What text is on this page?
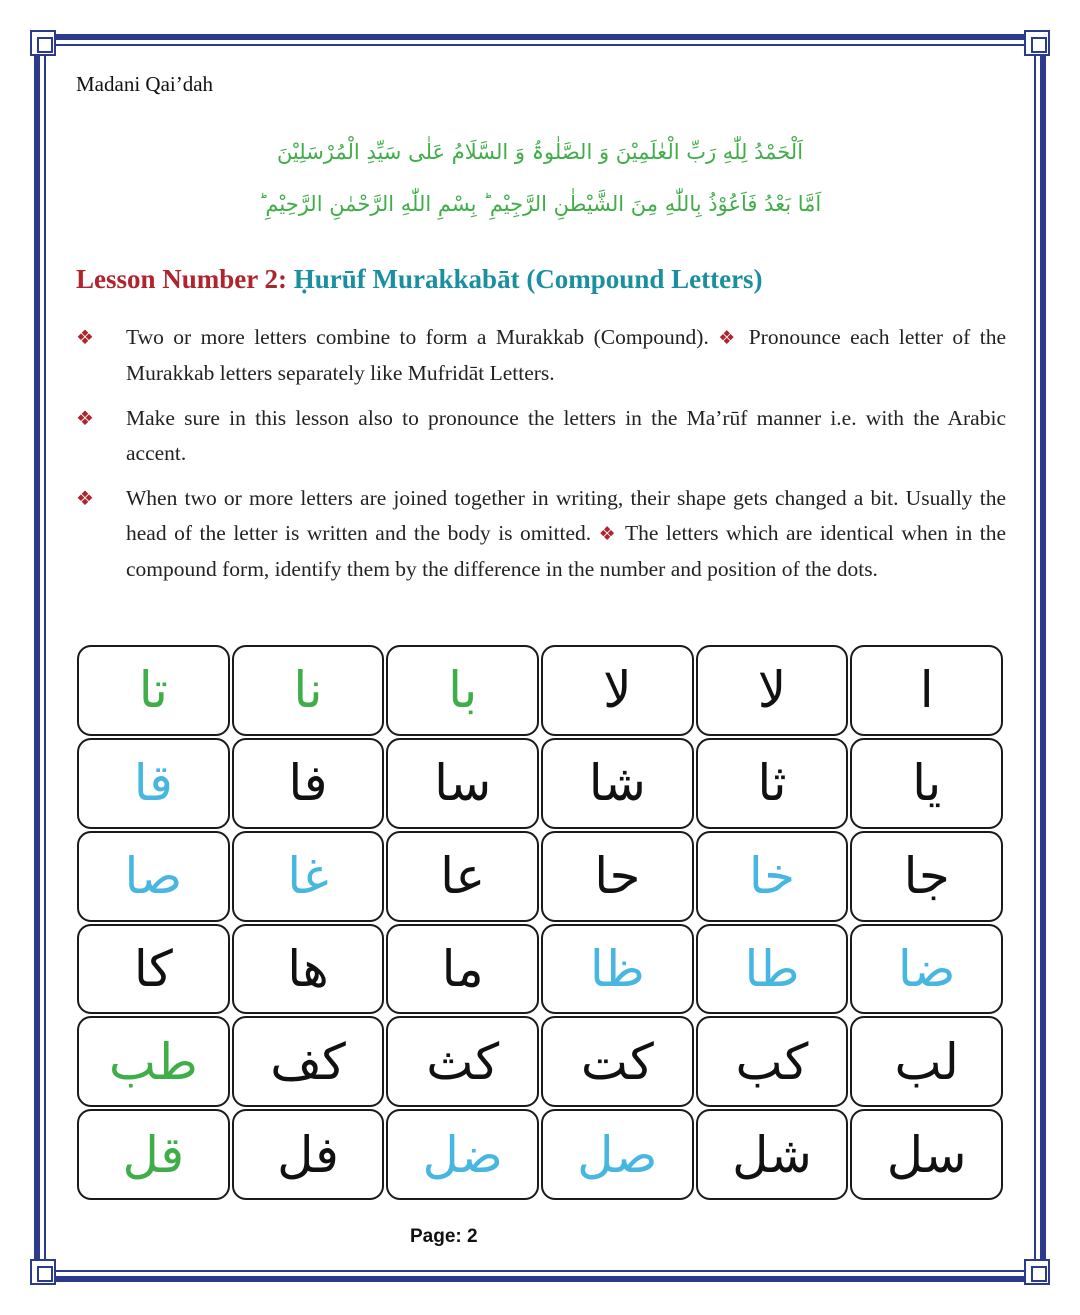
Madani Qai’dah
اَلْحَمْدُ لِلّٰهِ رَبِّ الْعٰلَمِیْنَ وَ الصَّلٰوۃُ وَ السَّلَامُ عَلٰی سَیِّدِ الْمُرْسَلِیْنَ
اَمَّا بَعْدُ فَاَعُوْذُ بِاللّٰهِ مِنَ الشَّیْطٰنِ الرَّجِیْمِ ؕ بِسْمِ اللّٰهِ الرَّحْمٰنِ الرَّحِیْمِ ؕ
Lesson Number 2: Ḥurūf Murakkabāt (Compound Letters)
❖ Two or more letters combine to form a Murakkab (Compound). ❖ Pronounce each letter of the Murakkab letters separately like Mufridāt Letters.
❖ Make sure in this lesson also to pronounce the letters in the Ma’rūf manner i.e. with the Arabic accent.
❖ When two or more letters are joined together in writing, their shape gets changed a bit. Usually the head of the letter is written and the body is omitted. ❖ The letters which are identical when in the compound form, identify them by the difference in the number and position of the dots.
تا	نا	با	لا	لا	ا
قا	فا	سا	شا	ثا	یا
صا	غا	عا	حا	خا	جا
کا	ھا	ما	ظا	طا	ضا
طب	کف	کث	کت	کب	لب
قل	فل	ضل	صل	شل	سل
Page: 2
